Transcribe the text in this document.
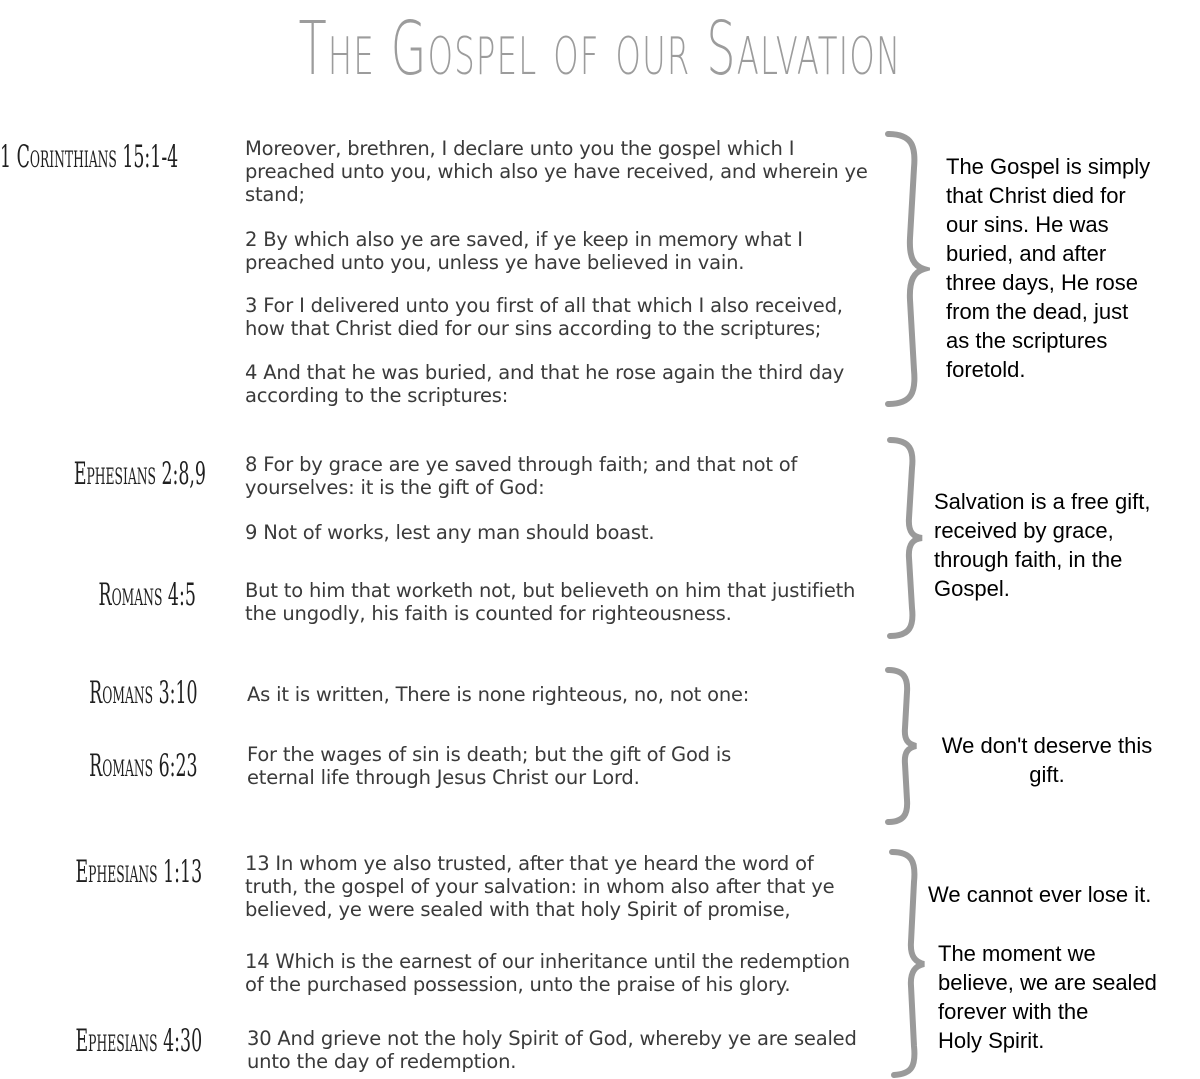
The Gospel of our Salvation
1 Corinthians 15:1-4	Moreover, brethren, I declare unto you the gospel which I
preached unto you, which also ye have received, and wherein ye
stand;
2 By which also ye are saved, if ye keep in memory what I
preached unto you, unless ye have believed in vain.
3 For I delivered unto you first of all that which I also received,
how that Christ died for our sins according to the scriptures;
4 And that he was buried, and that he rose again the third day
according to the scriptures:
The Gospel is simply
that Christ died for
our sins. He was
buried, and after
three days, He rose
from the dead, just
as the scriptures
foretold.
Ephesians 2:8,9
Romans 4:5
8 For by grace are ye saved through faith; and that not of
yourselves: it is the gift of God:
9 Not of works, lest any man should boast.
But to him that worketh not, but believeth on him that justifieth
the ungodly, his faith is counted for righteousness.
Salvation is a free gift,
received by grace,
through faith, in the
Gospel.
Romans 3:10
Romans 6:23
As it is written, There is none righteous, no, not one:
For the wages of sin is death; but the gift of God is
eternal life through Jesus Christ our Lord.
We don't deserve this
gift.
Ephesians 1:13
Ephesians 4:30
13 In whom ye also trusted, after that ye heard the word of
truth, the gospel of your salvation: in whom also after that ye
believed, ye were sealed with that holy Spirit of promise,
14 Which is the earnest of our inheritance until the redemption
of the purchased possession, unto the praise of his glory.
30 And grieve not the holy Spirit of God, whereby ye are sealed
unto the day of redemption.
We cannot ever lose it.
The moment we
believe, we are sealed
forever with the
Holy Spirit.
